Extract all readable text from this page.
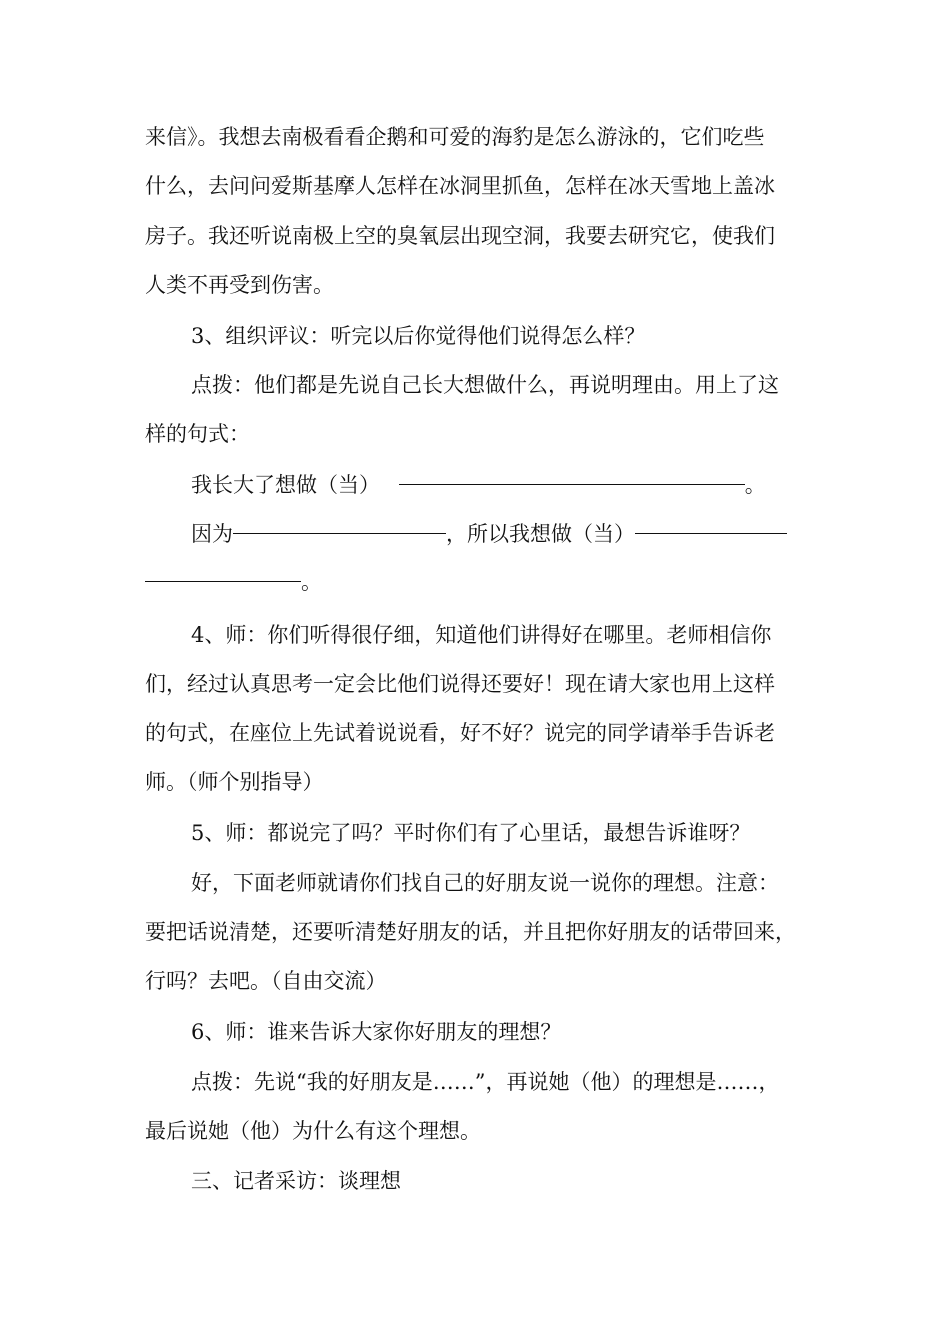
来信》。我想去南极看看企鹅和可爱的海豹是怎么游泳的，它们吃些
什么，去问问爱斯基摩人怎样在冰洞里抓鱼，怎样在冰天雪地上盖冰
房子。我还听说南极上空的臭氧层出现空洞，我要去研究它，使我们
人类不再受到伤害。
3、组织评议：听完以后你觉得他们说得怎么样？
点拨：他们都是先说自己长大想做什么，再说明理由。用上了这
样的句式：
我长大了想做（当）	。
因为	，所以我想做（当）
。
4、师：你们听得很仔细，知道他们讲得好在哪里。老师相信你
们，经过认真思考一定会比他们说得还要好！现在请大家也用上这样
的句式，在座位上先试着说说看，好不好？说完的同学请举手告诉老
师。（师个别指导）
5、师：都说完了吗？平时你们有了心里话，最想告诉谁呀？
好，下面老师就请你们找自己的好朋友说一说你的理想。注意：
要把话说清楚，还要听清楚好朋友的话，并且把你好朋友的话带回来，
行吗？去吧。（自由交流）
6、师：谁来告诉大家你好朋友的理想？
点拨：先说“我的好朋友是……”，再说她（他）的理想是……，
最后说她（他）为什么有这个理想。
三、记者采访：谈理想
